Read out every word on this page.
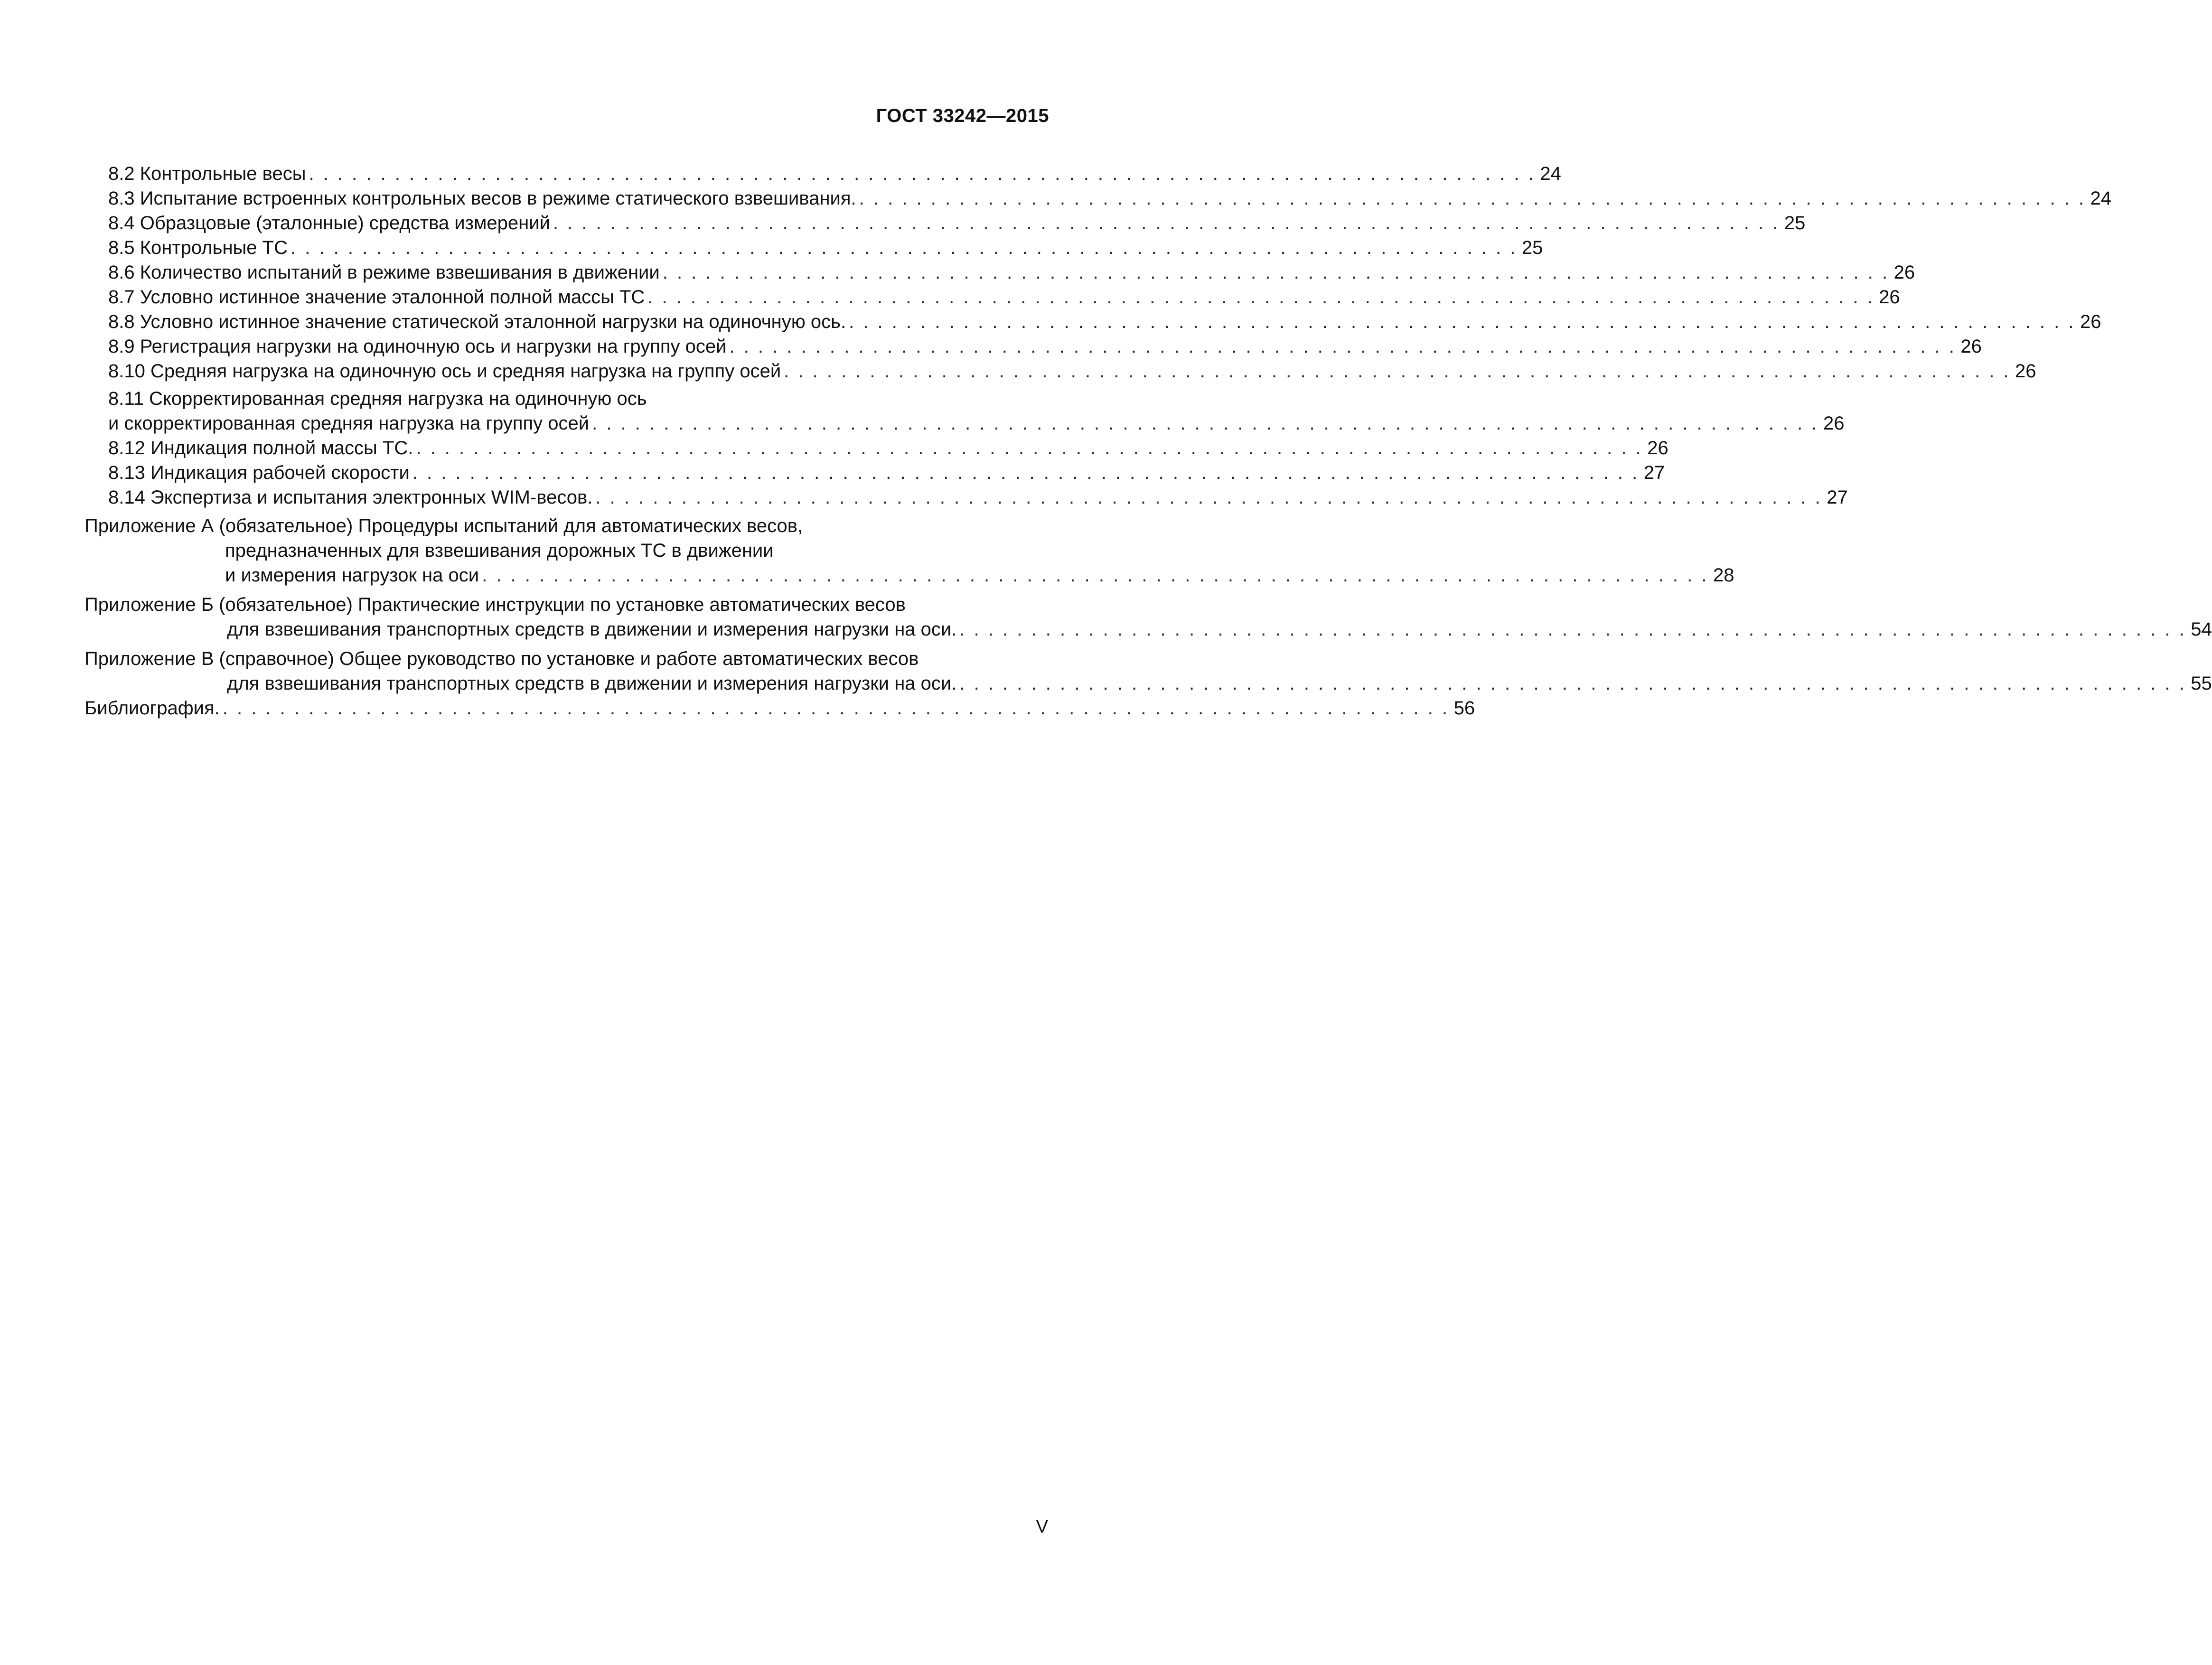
ГОСТ 33242—2015
8.2 Контрольные весы . . . . . . . . . . . . . . . . . . . . . . . . . . . . . . . . . . . . . . . . . . . . . . . . . . . . . . . . . . . . . . . . . . . . . . . . . . . . . . . . . . . . . . 24
8.3 Испытание встроенных контрольных весов в режиме статического взвешивания. . . . . . . . . . . . . . . . . . . . . . . . . . . . . . . . . . . . . . . . . . . . . . . . . . . . . . . . . . . . . . . . . . . . . . . . . . . . . . . . . . . . . . . 24
8.4 Образцовые (эталонные) средства измерений . . . . . . . . . . . . . . . . . . . . . . . . . . . . . . . . . . . . . . . . . . . . . . . . . . . . . . . . . . . . . . . . . . . . . . . . . . . . . . . . . . . . . . 25
8.5 Контрольные ТС . . . . . . . . . . . . . . . . . . . . . . . . . . . . . . . . . . . . . . . . . . . . . . . . . . . . . . . . . . . . . . . . . . . . . . . . . . . . . . . . . . . . . . 25
8.6 Количество испытаний в режиме взвешивания в движении . . . . . . . . . . . . . . . . . . . . . . . . . . . . . . . . . . . . . . . . . . . . . . . . . . . . . . . . . . . . . . . . . . . . . . . . . . . . . . . . . . . . . . 26
8.7 Условно истинное значение эталонной полной массы ТС . . . . . . . . . . . . . . . . . . . . . . . . . . . . . . . . . . . . . . . . . . . . . . . . . . . . . . . . . . . . . . . . . . . . . . . . . . . . . . . . . . . . . . 26
8.8 Условно истинное значение статической эталонной нагрузки на одиночную ось. . . . . . . . . . . . . . . . . . . . . . . . . . . . . . . . . . . . . . . . . . . . . . . . . . . . . . . . . . . . . . . . . . . . . . . . . . . . . . . . . . . . . . . 26
8.9 Регистрация нагрузки на одиночную ось и нагрузки на группу осей . . . . . . . . . . . . . . . . . . . . . . . . . . . . . . . . . . . . . . . . . . . . . . . . . . . . . . . . . . . . . . . . . . . . . . . . . . . . . . . . . . . . . . 26
8.10 Средняя нагрузка на одиночную ось и средняя нагрузка на группу осей . . . . . . . . . . . . . . . . . . . . . . . . . . . . . . . . . . . . . . . . . . . . . . . . . . . . . . . . . . . . . . . . . . . . . . . . . . . . . . . . . . . . . . 26
8.11 Скорректированная средняя нагрузка на одиночную ось
и скорректированная средняя нагрузка на группу осей . . . . . . . . . . . . . . . . . . . . . . . . . . . . . . . . . . . . . . . . . . . . . . . . . . . . . . . . . . . . . . . . . . . . . . . . . . . . . . . . . . . . . . 26
8.12 Индикация полной массы ТС. . . . . . . . . . . . . . . . . . . . . . . . . . . . . . . . . . . . . . . . . . . . . . . . . . . . . . . . . . . . . . . . . . . . . . . . . . . . . . . . . . . . . . . 26
8.13 Индикация рабочей скорости . . . . . . . . . . . . . . . . . . . . . . . . . . . . . . . . . . . . . . . . . . . . . . . . . . . . . . . . . . . . . . . . . . . . . . . . . . . . . . . . . . . . . . 27
8.14 Экспертиза и испытания электронных WIM-весов. . . . . . . . . . . . . . . . . . . . . . . . . . . . . . . . . . . . . . . . . . . . . . . . . . . . . . . . . . . . . . . . . . . . . . . . . . . . . . . . . . . . . . . 27
Приложение А (обязательное) Процедуры испытаний для автоматических весов,
предназначенных для взвешивания дорожных ТС в движении
и измерения нагрузок на оси . . . . . . . . . . . . . . . . . . . . . . . . . . . . . . . . . . . . . . . . . . . . . . . . . . . . . . . . . . . . . . . . . . . . . . . . . . . . . . . . . . . . . . 28
Приложение Б (обязательное) Практические инструкции по установке автоматических весов
для взвешивания транспортных средств в движении и измерения нагрузки на оси. . . . . . . . . . . . . . . . . . . . . . . . . . . . . . . . . . . . . . . . . . . . . . . . . . . . . . . . . . . . . . . . . . . . . . . . . . . . . . . . . . . . . . . 54
Приложение В (справочное) Общее руководство по установке и работе автоматических весов
для взвешивания транспортных средств в движении и измерения нагрузки на оси. . . . . . . . . . . . . . . . . . . . . . . . . . . . . . . . . . . . . . . . . . . . . . . . . . . . . . . . . . . . . . . . . . . . . . . . . . . . . . . . . . . . . . . 55
Библиография. . . . . . . . . . . . . . . . . . . . . . . . . . . . . . . . . . . . . . . . . . . . . . . . . . . . . . . . . . . . . . . . . . . . . . . . . . . . . . . . . . . . . . . 56
V
